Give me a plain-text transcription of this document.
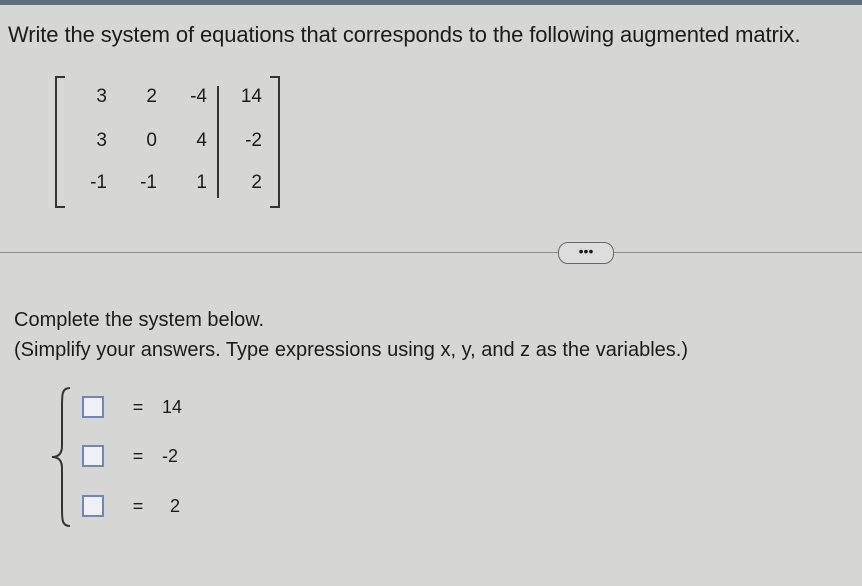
Write the system of equations that corresponds to the following augmented matrix.
3	2	-4	14
3	0	4	-2
-1	-1	1	2
•••
Complete the system below.
(Simplify your answers. Type expressions using x, y, and z as the variables.)
=	14
=	-2
=	2
